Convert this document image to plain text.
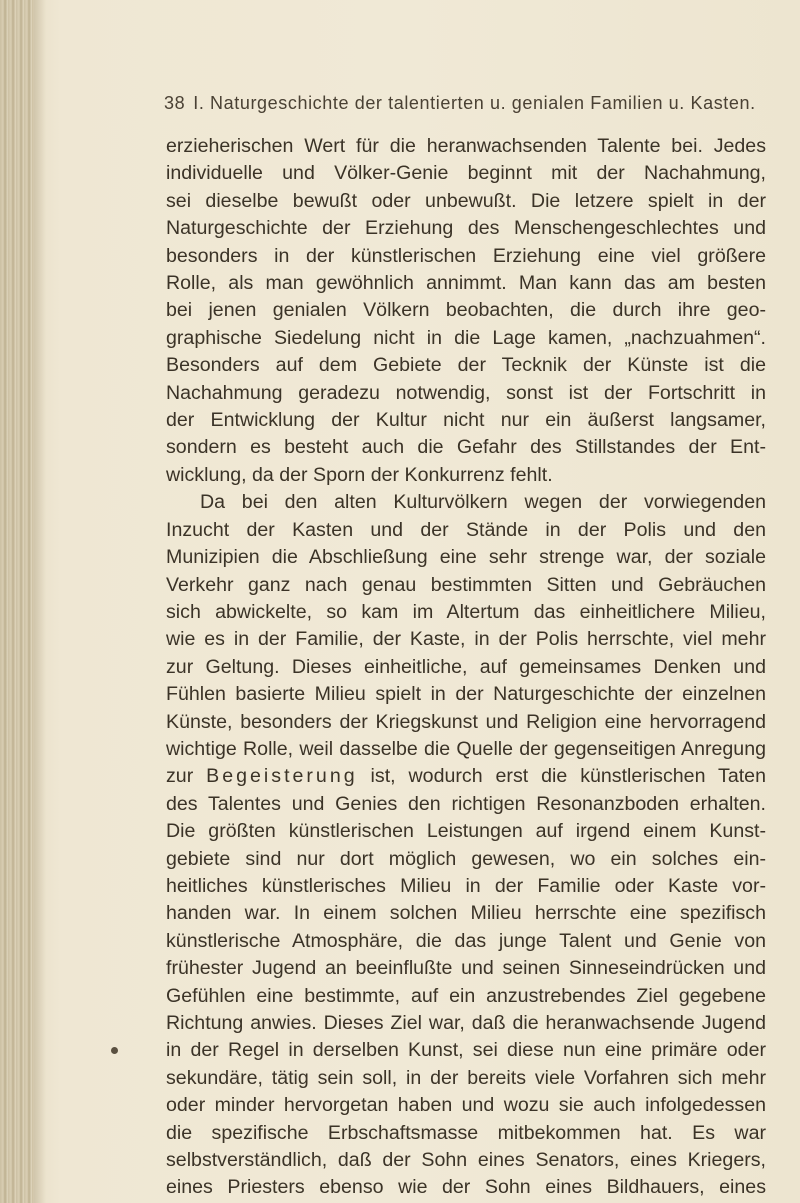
38 I. Naturgeschichte der talentierten u. genialen Familien u. Kasten.

erzieherischen Wert für die heranwachsenden Talente bei. Jedes
individuelle und Völker-Genie beginnt mit der Nachahmung,
sei dieselbe bewußt oder unbewußt. Die letzere spielt in der
Naturgeschichte der Erziehung des Menschengeschlechtes und
besonders in der künstlerischen Erziehung eine viel größere
Rolle, als man gewöhnlich annimmt. Man kann das am besten
bei jenen genialen Völkern beobachten, die durch ihre geo-
graphische Siedelung nicht in die Lage kamen, „nachzuahmen“.
Besonders auf dem Gebiete der Tecknik der Künste ist die
Nachahmung geradezu notwendig, sonst ist der Fortschritt in
der Entwicklung der Kultur nicht nur ein äußerst langsamer,
sondern es besteht auch die Gefahr des Stillstandes der Ent-
wicklung, da der Sporn der Konkurrenz fehlt.

Da bei den alten Kulturvölkern wegen der vorwiegenden
Inzucht der Kasten und der Stände in der Polis und den
Munizipien die Abschließung eine sehr strenge war, der soziale
Verkehr ganz nach genau bestimmten Sitten und Gebräuchen
sich abwickelte, so kam im Altertum das einheitlichere Milieu,
wie es in der Familie, der Kaste, in der Polis herrschte, viel mehr
zur Geltung. Dieses einheitliche, auf gemeinsames Denken und
Fühlen basierte Milieu spielt in der Naturgeschichte der einzelnen
Künste, besonders der Kriegskunst und Religion eine hervorragend
wichtige Rolle, weil dasselbe die Quelle der gegenseitigen Anregung
zur Begeisterung ist, wodurch erst die künstlerischen Taten
des Talentes und Genies den richtigen Resonanzboden erhalten.
Die größten künstlerischen Leistungen auf irgend einem Kunst-
gebiete sind nur dort möglich gewesen, wo ein solches ein-
heitliches künstlerisches Milieu in der Familie oder Kaste vor-
handen war. In einem solchen Milieu herrschte eine spezifisch
künstlerische Atmosphäre, die das junge Talent und Genie von
frühester Jugend an beeinflußte und seinen Sinneseindrücken und
Gefühlen eine bestimmte, auf ein anzustrebendes Ziel gegebene
Richtung anwies. Dieses Ziel war, daß die heranwachsende Jugend
in der Regel in derselben Kunst, sei diese nun eine primäre oder
sekundäre, tätig sein soll, in der bereits viele Vorfahren sich mehr
oder minder hervorgetan haben und wozu sie auch infolgedessen
die spezifische Erbschaftsmasse mitbekommen hat. Es war
selbstverständlich, daß der Sohn eines Senators, eines Kriegers,
eines Priesters ebenso wie der Sohn eines Bildhauers, eines
